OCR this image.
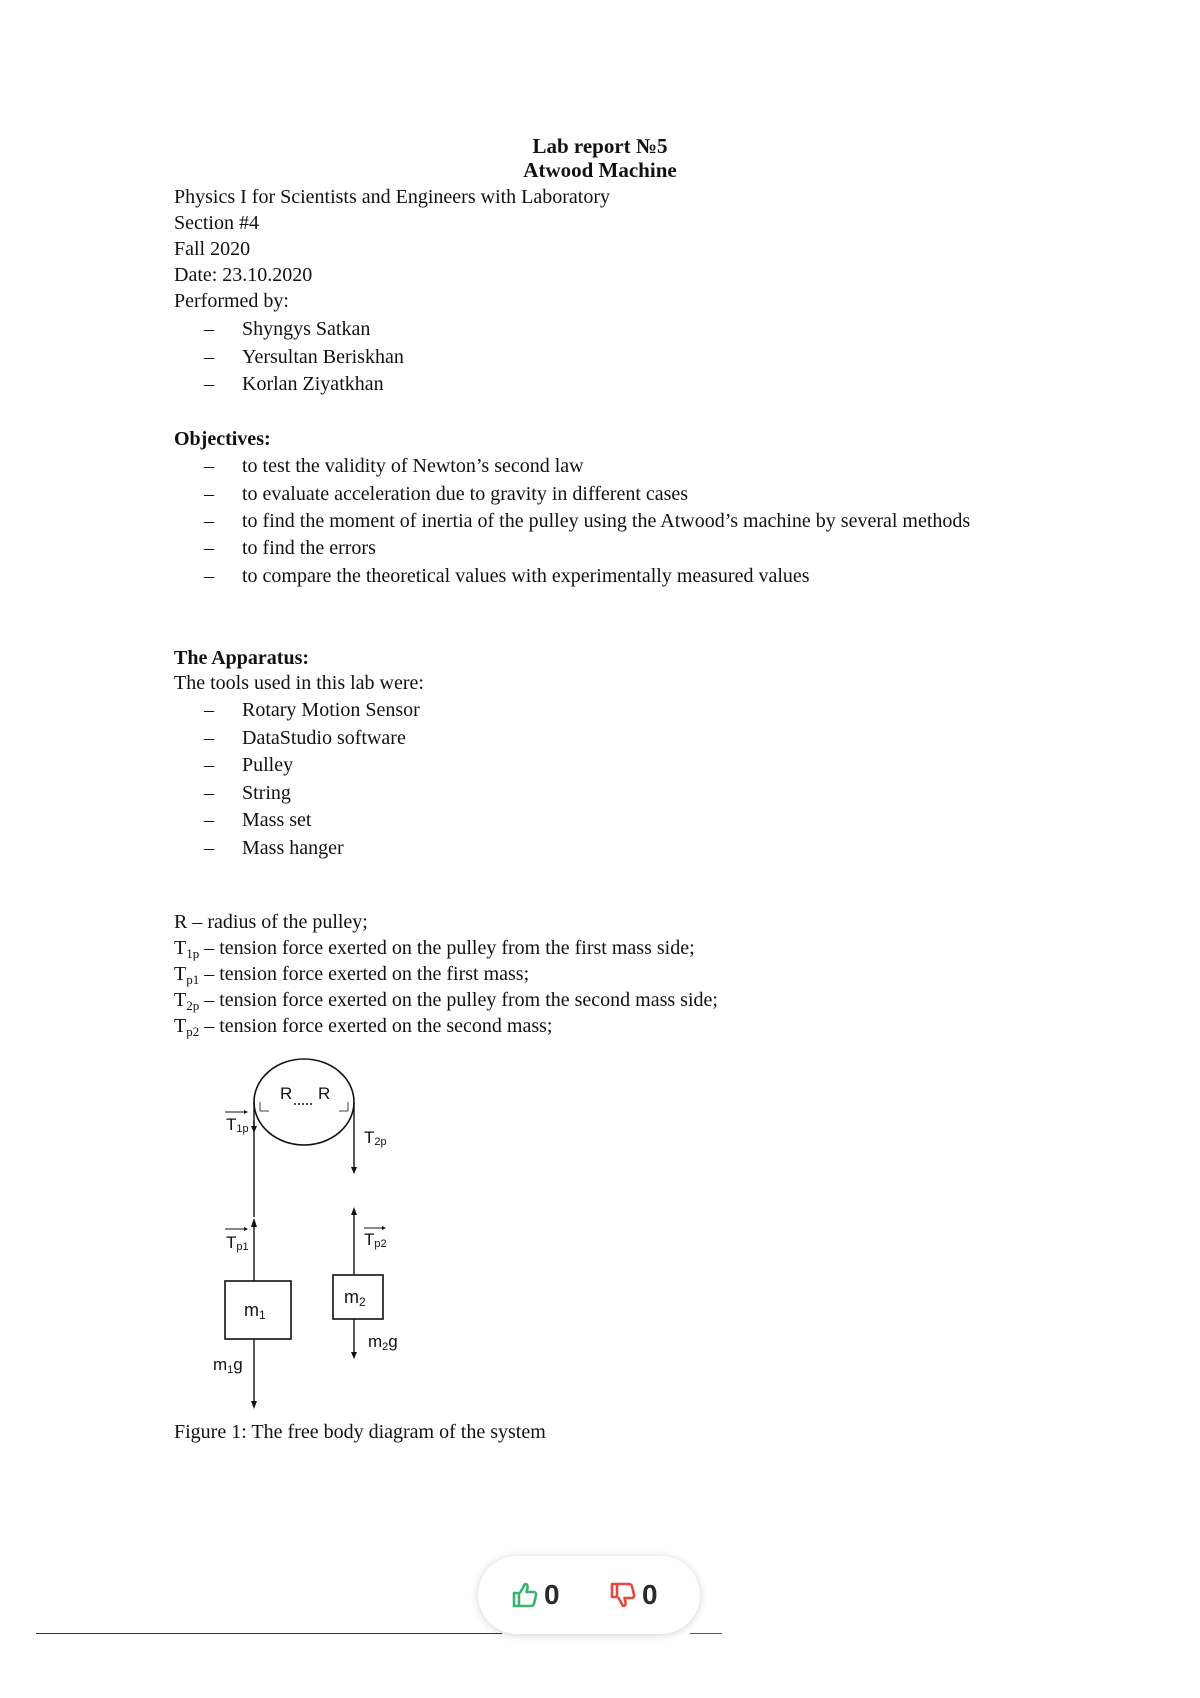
Lab report №5
Atwood Machine
Physics I for Scientists and Engineers with Laboratory
Section #4
Fall 2020
Date: 23.10.2020
Performed by:
– Shyngys Satkan
– Yersultan Beriskhan
– Korlan Ziyatkhan
Objectives:
– to test the validity of Newton’s second law
– to evaluate acceleration due to gravity in different cases
– to find the moment of inertia of the pulley using the Atwood’s machine by several methods
– to find the errors
– to compare the theoretical values with experimentally measured values
The Apparatus:
The tools used in this lab were:
– Rotary Motion Sensor
– DataStudio software
– Pulley
– String
– Mass set
– Mass hanger
R – radius of the pulley;
$T_{1p}$ – tension force exerted on the pulley from the first mass side;
$T_{p1}$ – tension force exerted on the first mass;
$T_{2p}$ – tension force exerted on the pulley from the second mass side;
$T_{p2}$ – tension force exerted on the second mass;
R R
T1p
Tp1
m1
m1g
T2p
Tp2
m2
m2g
Figure 1: The free body diagram of the system
0	0
